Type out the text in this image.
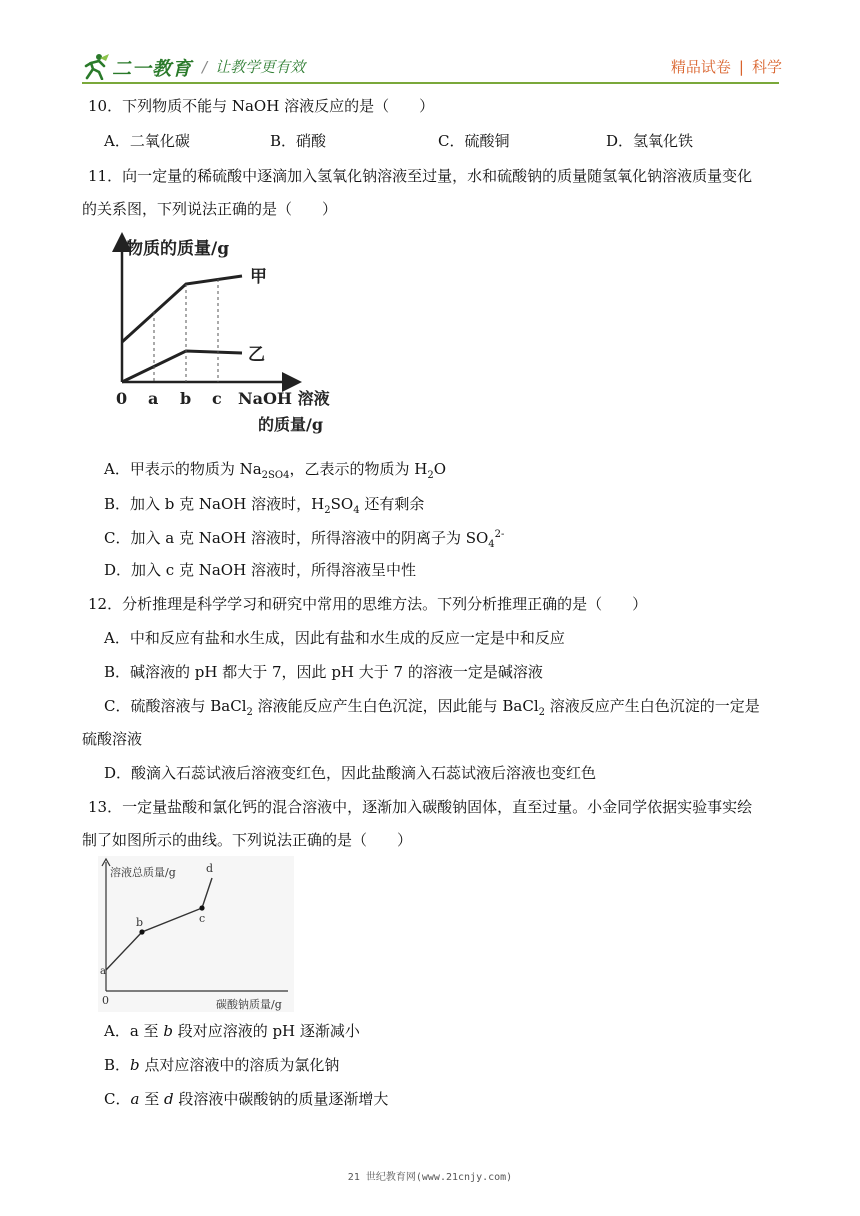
二一教育 / 让教学更有效	精品试卷 | 科学
10．下列物质不能与 NaOH 溶液反应的是（　　）
A．二氧化碳	B．硝酸	C．硫酸铜	D．氢氧化铁
11．向一定量的稀硫酸中逐滴加入氢氧化钠溶液至过量，水和硫酸钠的质量随氢氧化钠溶液质量变化
的关系图，下列说法正确的是（　　）
物质的质量/g
甲
乙
0 a b c NaOH 溶液
的质量/g
A．甲表示的物质为 $Na_{2SO4}$，乙表示的物质为 $H_2O$
B．加入 b 克 NaOH 溶液时，$H_2SO_4$ 还有剩余
C．加入 a 克 NaOH 溶液时，所得溶液中的阴离子为 $SO_4^{2-}$
D．加入 c 克 NaOH 溶液时，所得溶液呈中性
12．分析推理是科学学习和研究中常用的思维方法。下列分析推理正确的是（　　）
A．中和反应有盐和水生成，因此有盐和水生成的反应一定是中和反应
B．碱溶液的 pH 都大于 7，因此 pH 大于 7 的溶液一定是碱溶液
C．硫酸溶液与 BaCl$_2$ 溶液能反应产生白色沉淀，因此能与 BaCl$_2$ 溶液反应产生白色沉淀的一定是
硫酸溶液
D．酸滴入石蕊试液后溶液变红色，因此盐酸滴入石蕊试液后溶液也变红色
13．一定量盐酸和氯化钙的混合溶液中，逐渐加入碳酸钠固体，直至过量。小金同学依据实验事实绘
制了如图所示的曲线。下列说法正确的是（　　）
溶液总质量/g
a
b	c
d
0	碳酸钠质量/g
A．a 至 b 段对应溶液的 pH 逐渐减小
B．b 点对应溶液中的溶质为氯化钠
C．a 至 d 段溶液中碳酸钠的质量逐渐增大
21 世纪教育网(www.21cnjy.com)
